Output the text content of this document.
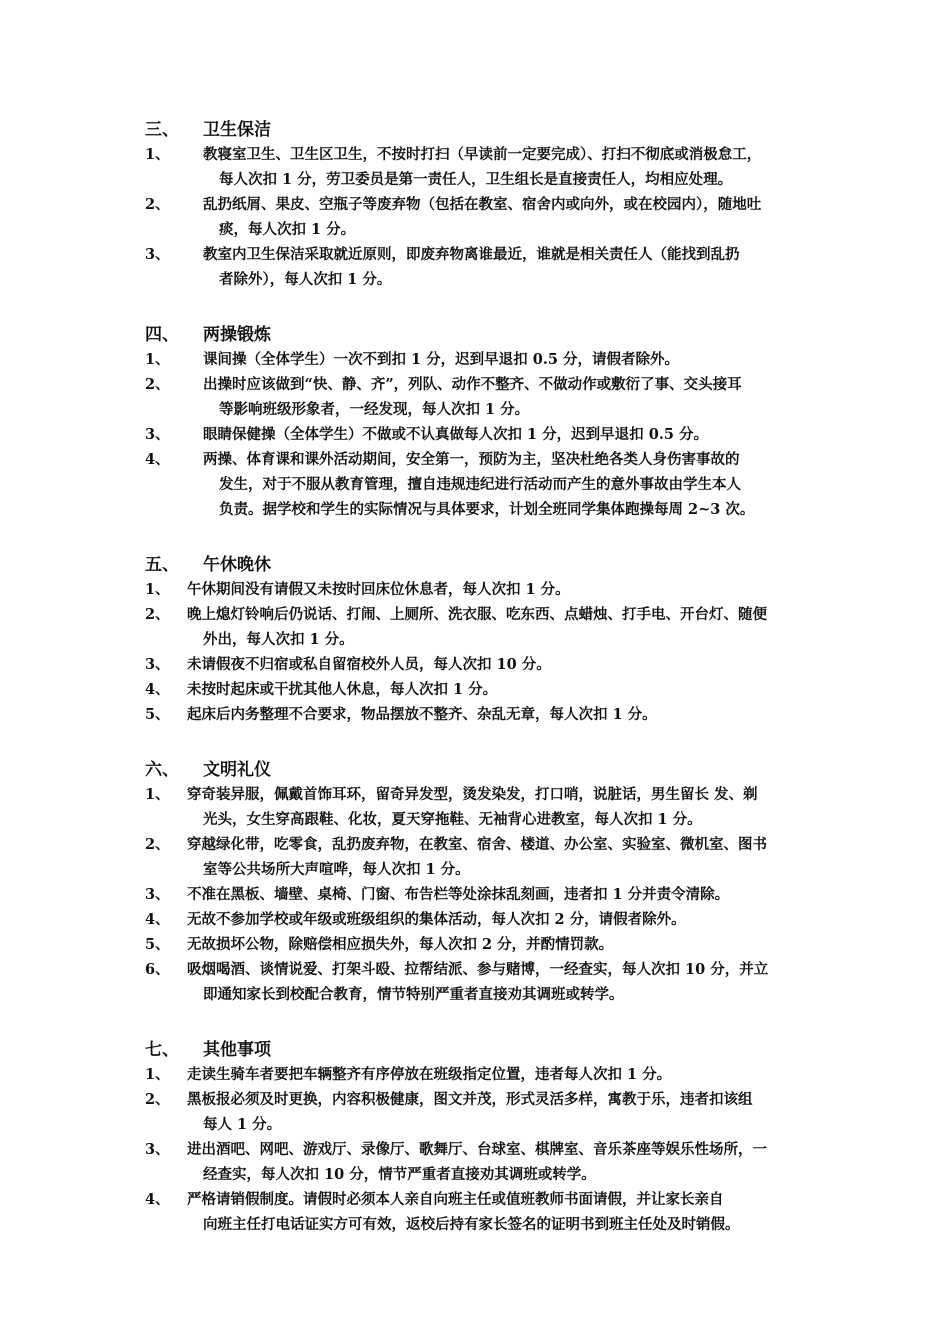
三、	卫生保洁
1、	教寝室卫生、卫生区卫生，不按时打扫（早读前一定要完成）、打扫不彻底或消极怠工，
每人次扣 1 分，劳卫委员是第一责任人，卫生组长是直接责任人，均相应处理。
2、	乱扔纸屑、果皮、空瓶子等废弃物（包括在教室、宿舍内或向外，或在校园内），随地吐
痰，每人次扣 1 分。
3、	教室内卫生保洁采取就近原则，即废弃物离谁最近，谁就是相关责任人（能找到乱扔
者除外），每人次扣 1 分。
四、	两操锻炼
1、	课间操（全体学生）一次不到扣 1 分，迟到早退扣 0.5 分，请假者除外。
2、	出操时应该做到“快、静、齐”，列队、动作不整齐、不做动作或敷衍了事、交头接耳
等影响班级形象者，一经发现，每人次扣 1 分。
3、	眼睛保健操（全体学生）不做或不认真做每人次扣 1 分，迟到早退扣 0.5 分。
4、	两操、体育课和课外活动期间，安全第一，预防为主，坚决杜绝各类人身伤害事故的
发生，对于不服从教育管理，擅自违规违纪进行活动而产生的意外事故由学生本人
负责。据学校和学生的实际情况与具体要求，计划全班同学集体跑操每周 2~3 次。
五、	午休晚休
1、	午休期间没有请假又未按时回床位休息者，每人次扣 1 分。
2、	晚上熄灯铃响后仍说话、打闹、上厕所、洗衣服、吃东西、点蜡烛、打手电、开台灯、随便
外出，每人次扣 1 分。
3、	未请假夜不归宿或私自留宿校外人员，每人次扣 10 分。
4、	未按时起床或干扰其他人休息，每人次扣 1 分。
5、	起床后内务整理不合要求，物品摆放不整齐、杂乱无章，每人次扣 1 分。
六、	文明礼仪
1、	穿奇装异服，佩戴首饰耳环，留奇异发型，烫发染发，打口哨，说脏话，男生留长 发、剃
光头，女生穿高跟鞋、化妆，夏天穿拖鞋、无袖背心进教室，每人次扣 1 分。
2、	穿越绿化带，吃零食，乱扔废弃物，在教室、宿舍、楼道、办公室、实验室、微机室、图书
室等公共场所大声喧哗，每人次扣 1 分。
3、	不准在黑板、墙壁、桌椅、门窗、布告栏等处涂抹乱刻画，违者扣 1 分并责令清除。
4、	无故不参加学校或年级或班级组织的集体活动，每人次扣 2 分，请假者除外。
5、	无故损坏公物，除赔偿相应损失外，每人次扣 2 分，并酌情罚款。
6、	吸烟喝酒、谈情说爱、打架斗殴、拉帮结派、参与赌博，一经查实，每人次扣 10 分，并立
即通知家长到校配合教育，情节特别严重者直接劝其调班或转学。
七、	其他事项
1、	走读生骑车者要把车辆整齐有序停放在班级指定位置，违者每人次扣 1 分。
2、	黑板报必须及时更换，内容积极健康，图文并茂，形式灵活多样，寓教于乐，违者扣该组
每人 1 分。
3、	进出酒吧、网吧、游戏厅、录像厅、歌舞厅、台球室、棋牌室、音乐茶座等娱乐性场所，一
经查实，每人次扣 10 分，情节严重者直接劝其调班或转学。
4、	严格请销假制度。请假时必须本人亲自向班主任或值班教师书面请假，并让家长亲自
向班主任打电话证实方可有效，返校后持有家长签名的证明书到班主任处及时销假。
